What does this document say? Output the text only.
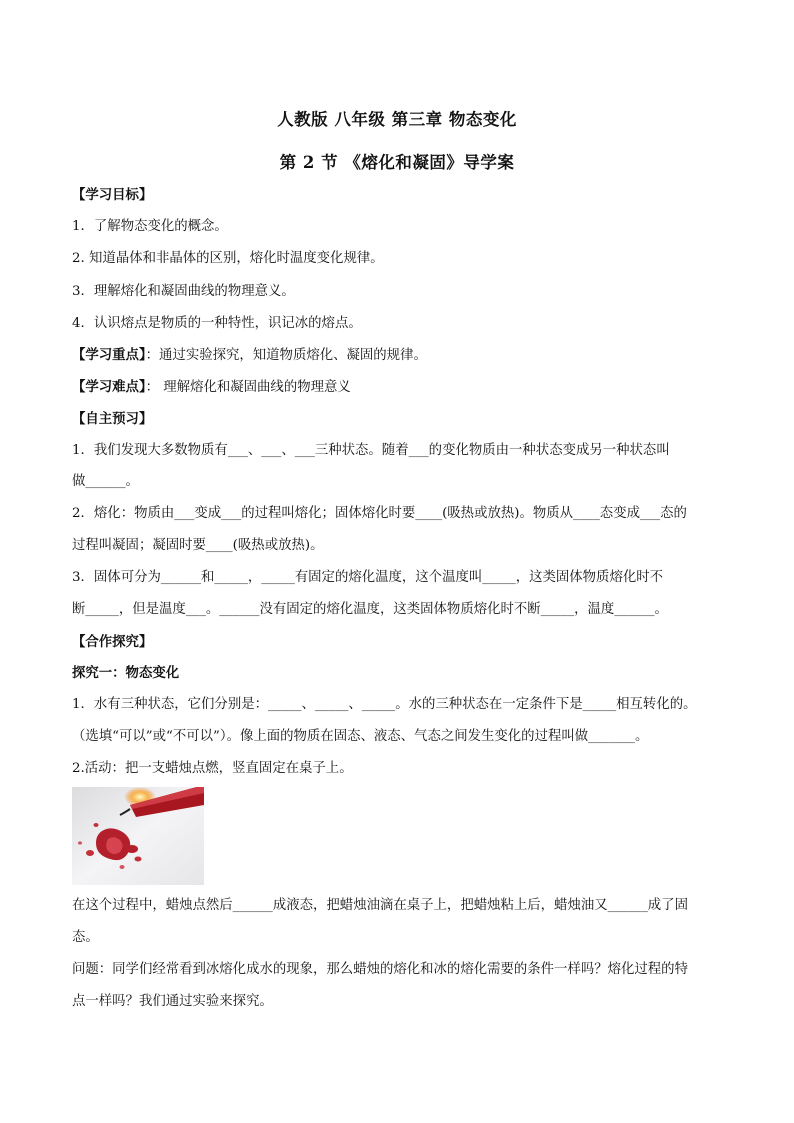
人教版 八年级 第三章 物态变化
第 2 节 《熔化和凝固》导学案
【学习目标】
1．了解物态变化的概念。
2. 知道晶体和非晶体的区别，熔化时温度变化规律。
3．理解熔化和凝固曲线的物理意义。
4．认识熔点是物质的一种特性，识记冰的熔点。
【学习重点】：通过实验探究，知道物质熔化、凝固的规律。
【学习难点】： 理解熔化和凝固曲线的物理意义
【自主预习】
1．我们发现大多数物质有___、___、___三种状态。随着___的变化物质由一种状态变成另一种状态叫
做______。
2．熔化：物质由___变成___的过程叫熔化；固体熔化时要____(吸热或放热)。物质从____态变成___态的
过程叫凝固；凝固时要____(吸热或放热)。
3．固体可分为______和_____，_____有固定的熔化温度，这个温度叫_____，这类固体物质熔化时不
断_____，但是温度___。______没有固定的熔化温度，这类固体物质熔化时不断_____，温度______。
【合作探究】
探究一：物态变化
1．水有三种状态，它们分别是：_____、_____、_____。水的三种状态在一定条件下是_____相互转化的。
（选填“可以”或“不可以”）。像上面的物质在固态、液态、气态之间发生变化的过程叫做_______。
2.活动：把一支蜡烛点燃，竖直固定在桌子上。
在这个过程中，蜡烛点然后______成液态，把蜡烛油滴在桌子上，把蜡烛粘上后，蜡烛油又______成了固
态。
问题：同学们经常看到冰熔化成水的现象，那么蜡烛的熔化和冰的熔化需要的条件一样吗？熔化过程的特
点一样吗？我们通过实验来探究。
